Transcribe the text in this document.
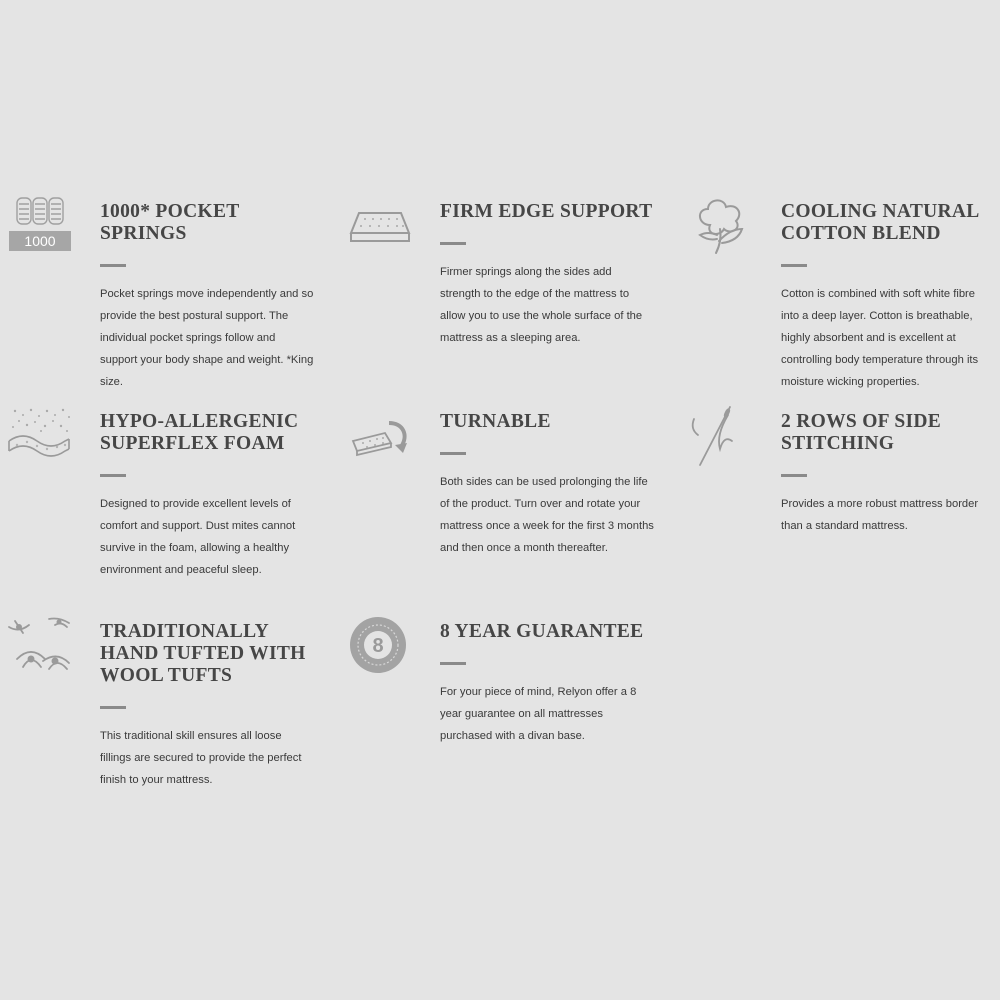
1000
1000* POCKET
SPRINGS

Pocket springs move independently and so provide the best postural support. The individual pocket springs follow and support your body shape and weight. *King size.

FIRM EDGE SUPPORT

Firmer springs along the sides add strength to the edge of the mattress to allow you to use the whole surface of the mattress as a sleeping area.

COOLING NATURAL
COTTON BLEND

Cotton is combined with soft white fibre into a deep layer. Cotton is breathable, highly absorbent and is excellent at controlling body temperature through its moisture wicking properties.

HYPO-ALLERGENIC
SUPERFLEX FOAM

Designed to provide excellent levels of comfort and support. Dust mites cannot survive in the foam, allowing a healthy environment and peaceful sleep.

TURNABLE

Both sides can be used prolonging the life of the product. Turn over and rotate your mattress once a week for the first 3 months and then once a month thereafter.

2 ROWS OF SIDE
STITCHING

Provides a more robust mattress border than a standard mattress.

TRADITIONALLY
HAND TUFTED WITH
WOOL TUFTS

This traditional skill ensures all loose fillings are secured to provide the perfect finish to your mattress.

8
8 YEAR GUARANTEE

For your piece of mind, Relyon offer a 8 year guarantee on all mattresses purchased with a divan base.
